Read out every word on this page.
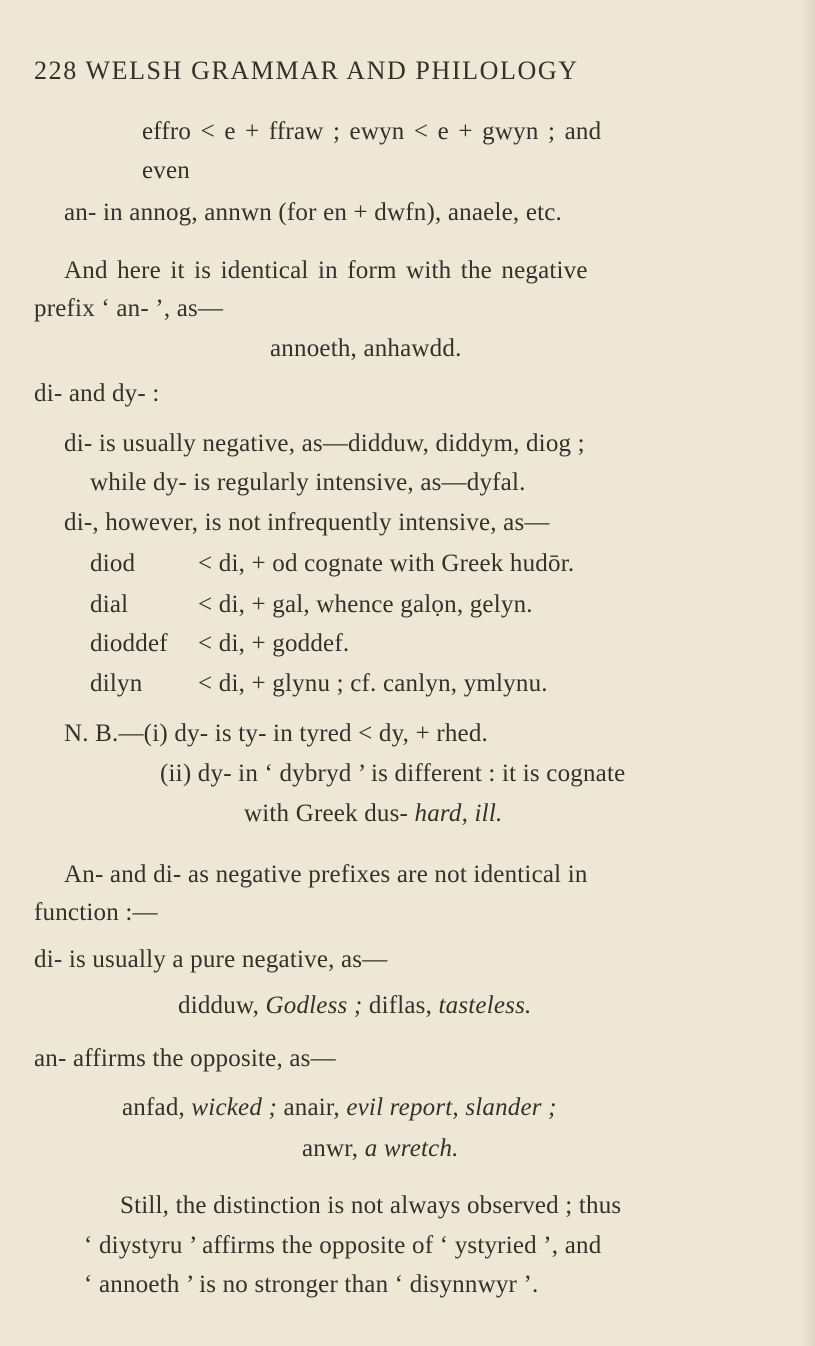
228 WELSH GRAMMAR AND PHILOLOGY
effro < e + ffraw ; ewyn < e + gwyn ; and
even
an- in annog, annwn (for en + dwfn), anaele, etc.
And here it is identical in form with the negative
prefix ‘ an- ’, as—
annoeth, anhawdd.
di- and dy- :
di- is usually negative, as—didduw, diddym, diog ;
while dy- is regularly intensive, as—dyfal.
di-, however, is not infrequently intensive, as—
diod	< di, + od cognate with Greek hudōr.
dial	< di, + gal, whence galọn, gelyn.
dioddef < di, + goddef.
dilyn < di, + glynu ; cf. canlyn, ymlynu.
N. B.—(i) dy- is ty- in tyred < dy, + rhed.
(ii) dy- in ‘ dybryd ’ is different : it is cognate
with Greek dus- hard, ill.
An- and di- as negative prefixes are not identical in
function :—
di- is usually a pure negative, as—
didduw, Godless ; diflas, tasteless.
an- affirms the opposite, as—
anfad, wicked ; anair, evil report, slander ;
anwr, a wretch.
Still, the distinction is not always observed ; thus
‘ diystyru ’ affirms the opposite of ‘ ystyried ’, and
‘ annoeth ’ is no stronger than ‘ disynnwyr ’.
